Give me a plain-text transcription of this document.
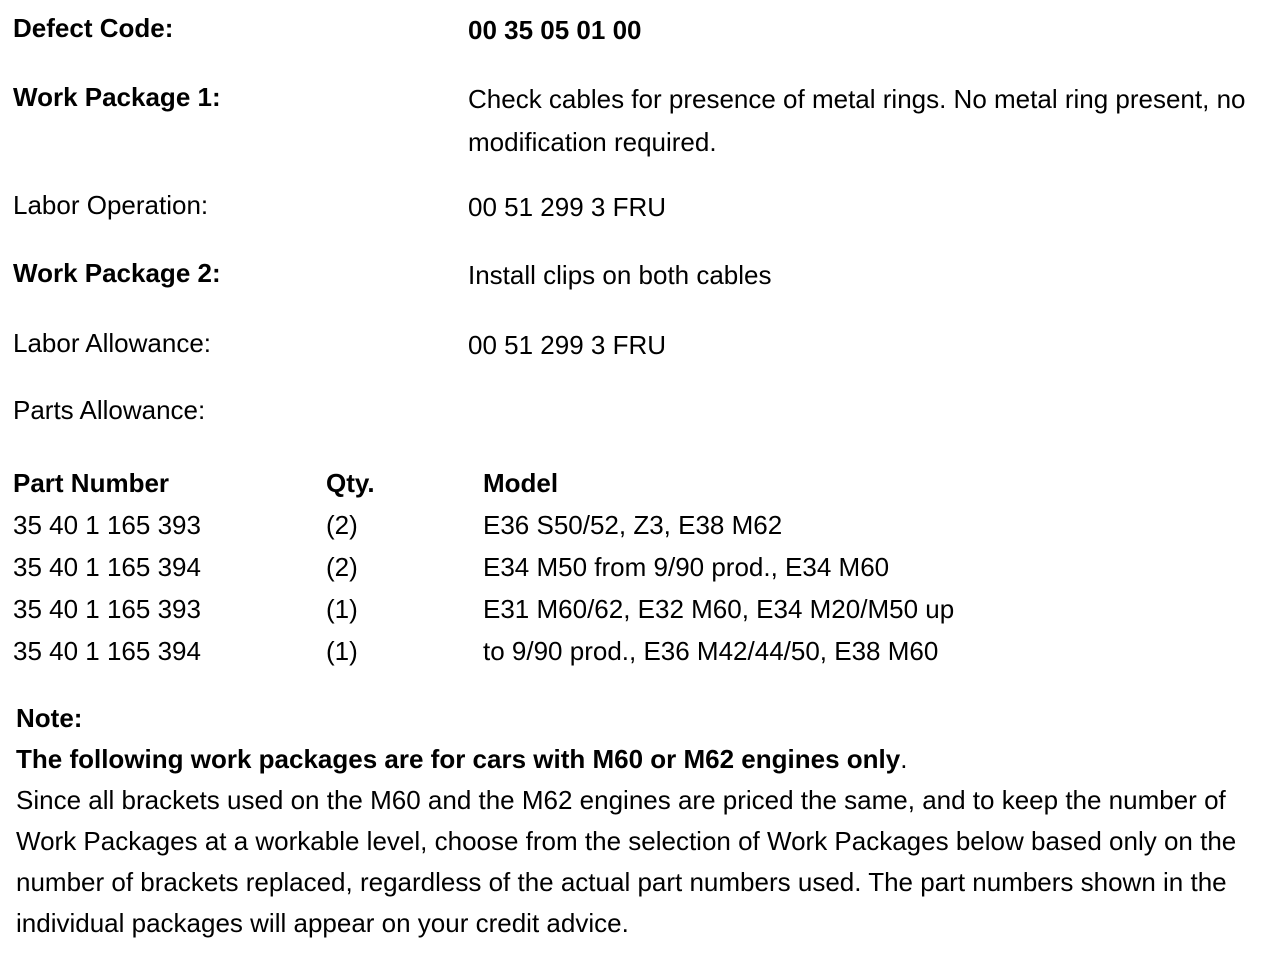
Defect Code:	00 35 05 01 00
Work Package 1:	Check cables for presence of metal rings. No metal ring present, no modification required.
Labor Operation:	00 51 299 3 FRU
Work Package 2:	Install clips on both cables
Labor Allowance:	00 51 299 3 FRU
Parts Allowance:
Part Number	Qty.	Model
35 40 1 165 393	(2)	E36 S50/52, Z3, E38 M62
35 40 1 165 394	(2)	E34 M50 from 9/90 prod., E34 M60
35 40 1 165 393	(1)	E31 M60/62, E32 M60, E34 M20/M50 up
35 40 1 165 394	(1)	to 9/90 prod., E36 M42/44/50, E38 M60

Note:

The following work packages are for cars with M60 or M62 engines only.

Since all brackets used on the M60 and the M62 engines are priced the same, and to keep the number of Work Packages at a workable level, choose from the selection of Work Packages below based only on the number of brackets replaced, regardless of the actual part numbers used. The part numbers shown in the individual packages will appear on your credit advice.
